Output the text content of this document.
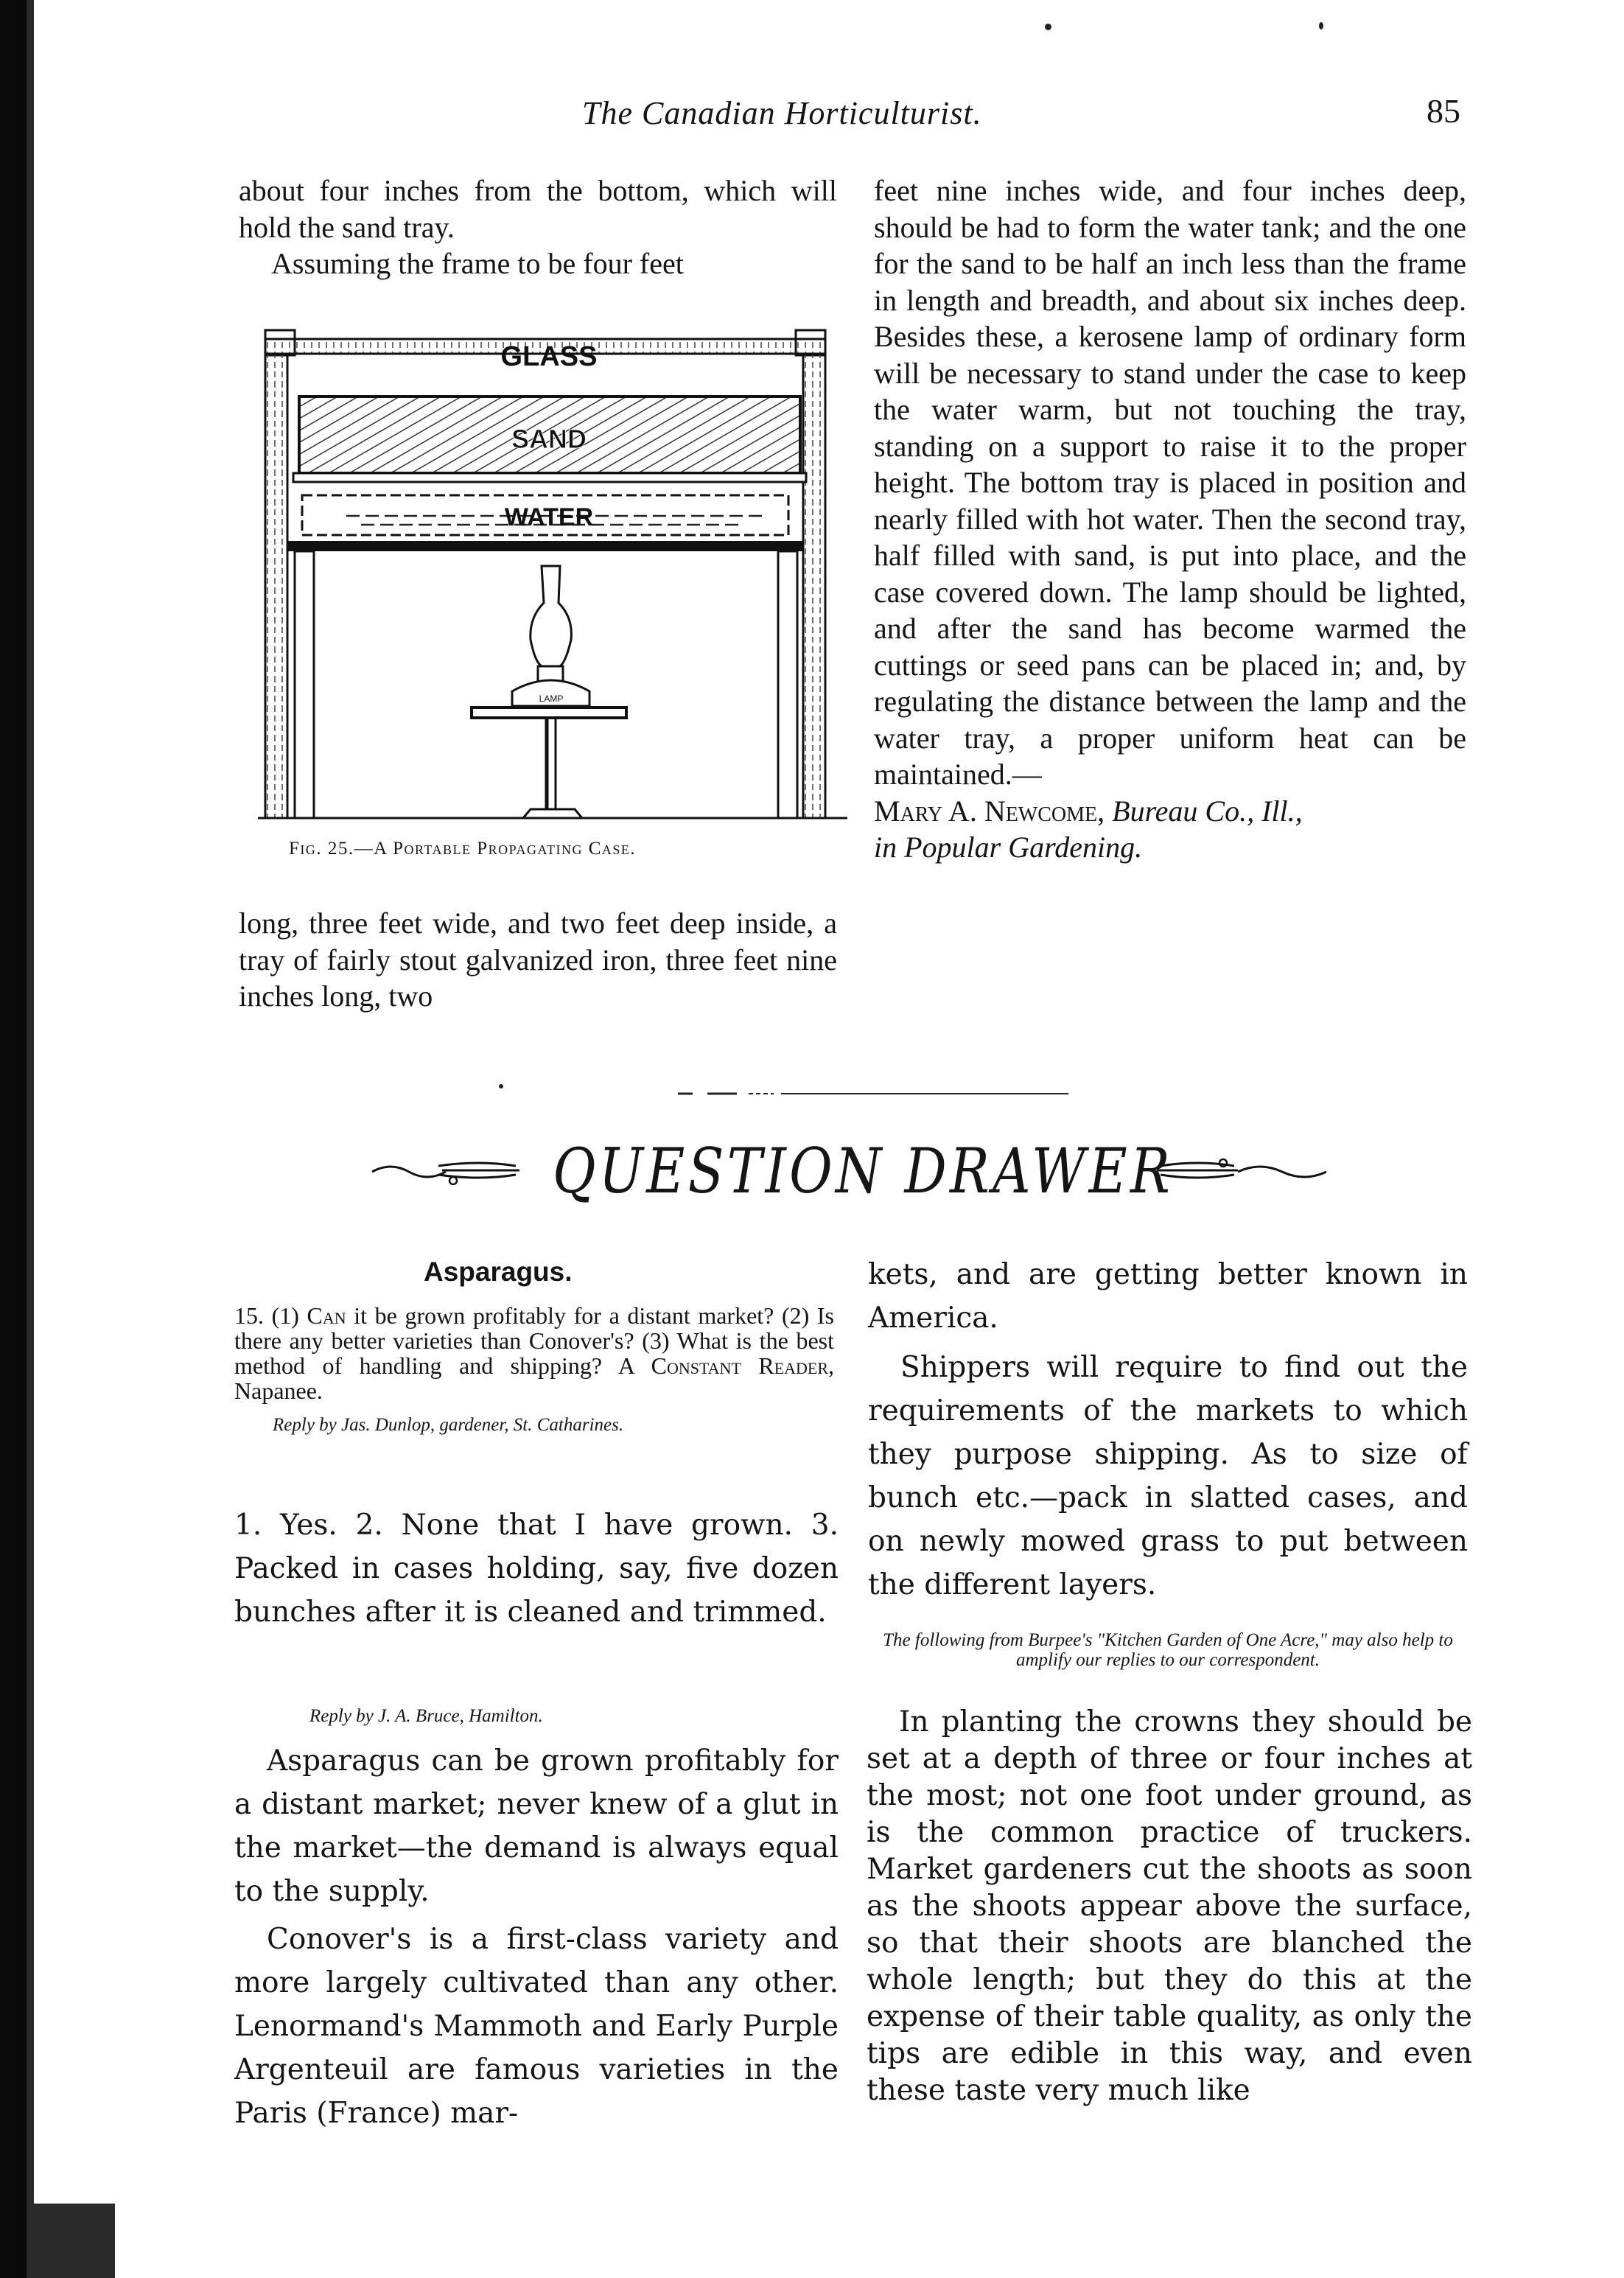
The Canadian Horticulturist.	85

about four inches from the bottom, which will hold the sand tray.

Assuming the frame to be four feet

GLASS
SAND
WATER
LAMP
Fig. 25.—A Portable Propagating Case.

long, three feet wide, and two feet deep inside, a tray of fairly stout galvanized iron, three feet nine inches long, two

feet nine inches wide, and four inches deep, should be had to form the water tank; and the one for the sand to be half an inch less than the frame in length and breadth, and about six inches deep. Besides these, a kerosene lamp of ordinary form will be necessary to stand under the case to keep the water warm, but not touching the tray, standing on a support to raise it to the proper height. The bottom tray is placed in position and nearly filled with hot water. Then the second tray, half filled with sand, is put into place, and the case covered down. The lamp should be lighted, and after the sand has become warmed the cuttings or seed pans can be placed in; and, by regulating the distance between the lamp and the water tray, a proper uniform heat can be maintained.—

Mary A. Newcome, Bureau Co., Ill.,
in Popular Gardening.

QUESTION DRAWER
Asparagus.

15. (1) Can it be grown profitably for a distant market? (2) Is there any better varieties than Conover's? (3) What is the best method of handling and shipping? A Constant Reader, Napanee.

Reply by Jas. Dunlop, gardener, St. Catharines.

1. Yes. 2. None that I have grown. 3. Packed in cases holding, say, five dozen bunches after it is cleaned and trimmed.

Reply by J. A. Bruce, Hamilton.

Asparagus can be grown profitably for a distant market; never knew of a glut in the market—the demand is always equal to the supply.

Conover's is a first-class variety and more largely cultivated than any other. Lenormand's Mammoth and Early Purple Argenteuil are famous varieties in the Paris (France) mar-

kets, and are getting better known in America.

Shippers will require to find out the requirements of the markets to which they purpose shipping. As to size of bunch etc.—pack in slatted cases, and on newly mowed grass to put between the different layers.

The following from Burpee's "Kitchen Garden of One Acre," may also help to amplify our replies to our correspondent.

In planting the crowns they should be set at a depth of three or four inches at the most; not one foot under ground, as is the common practice of truckers. Market gardeners cut the shoots as soon as the shoots appear above the surface, so that their shoots are blanched the whole length; but they do this at the expense of their table quality, as only the tips are edible in this way, and even these taste very much like
